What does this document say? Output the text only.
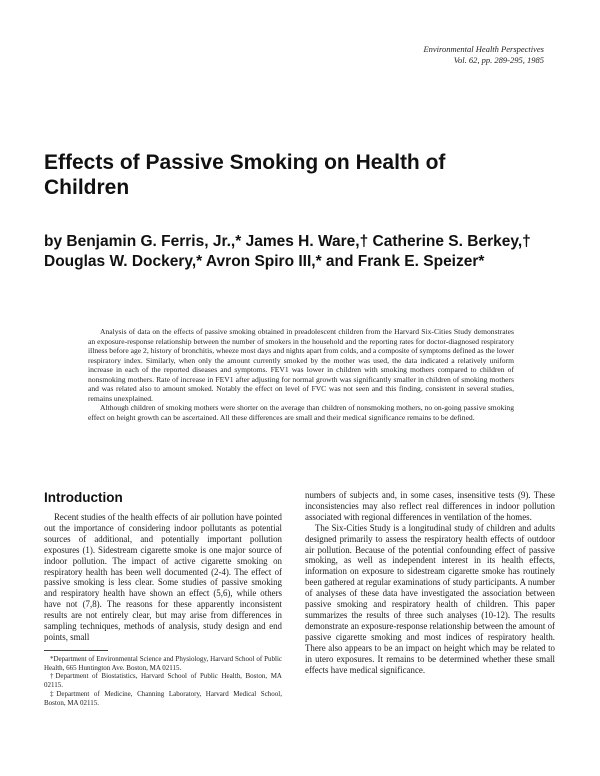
Environmental Health Perspectives
Vol. 62, pp. 289-295, 1985
Effects of Passive Smoking on Health of Children
by Benjamin G. Ferris, Jr.,* James H. Ware,† Catherine S. Berkey,† Douglas W. Dockery,* Avron Spiro III,* and Frank E. Speizer*

Analysis of data on the effects of passive smoking obtained in preadolescent children from the Harvard Six-Cities Study demonstrates an exposure-response relationship between the number of smokers in the household and the reporting rates for doctor-diagnosed respiratory illness before age 2, history of bronchitis, wheeze most days and nights apart from colds, and a composite of symptoms defined as the lower respiratory index. Similarly, when only the amount currently smoked by the mother was used, the data indicated a relatively uniform increase in each of the reported diseases and symptoms. FEV1 was lower in children with smoking mothers compared to children of nonsmoking mothers. Rate of increase in FEV1 after adjusting for normal growth was significantly smaller in children of smoking mothers and was related also to amount smoked. Notably the effect on level of FVC was not seen and this finding, consistent in several studies, remains unexplained.

Although children of smoking mothers were shorter on the average than children of nonsmoking mothers, no on-going passive smoking effect on height growth can be ascertained. All these differences are small and their medical significance remains to be defined.

Introduction

Recent studies of the health effects of air pollution have pointed out the importance of considering indoor pollutants as potential sources of additional, and potentially important pollution exposures (1). Sidestream cigarette smoke is one major source of indoor pollution. The impact of active cigarette smoking on respiratory health has been well documented (2-4). The effect of passive smoking is less clear. Some studies of passive smoking and respiratory health have shown an effect (5,6), while others have not (7,8). The reasons for these apparently inconsistent results are not entirely clear, but may arise from differences in sampling techniques, methods of analysis, study design and end points, small

*Department of Environmental Science and Physiology, Harvard School of Public Health, 665 Huntington Ave. Boston, MA 02115.

†Department of Biostatistics, Harvard School of Public Health, Boston, MA 02115.

‡Department of Medicine, Channing Laboratory, Harvard Medical School, Boston, MA 02115.

numbers of subjects and, in some cases, insensitive tests (9). These inconsistencies may also reflect real differences in indoor pollution associated with regional differences in ventilation of the homes.

The Six-Cities Study is a longitudinal study of children and adults designed primarily to assess the respiratory health effects of outdoor air pollution. Because of the potential confounding effect of passive smoking, as well as independent interest in its health effects, information on exposure to sidestream cigarette smoke has routinely been gathered at regular examinations of study participants. A number of analyses of these data have investigated the association between passive smoking and respiratory health of children. This paper summarizes the results of three such analyses (10-12). The results demonstrate an exposure-response relationship between the amount of passive cigarette smoking and most indices of respiratory health. There also appears to be an impact on height which may be related to in utero exposures. It remains to be determined whether these small effects have medical significance.
